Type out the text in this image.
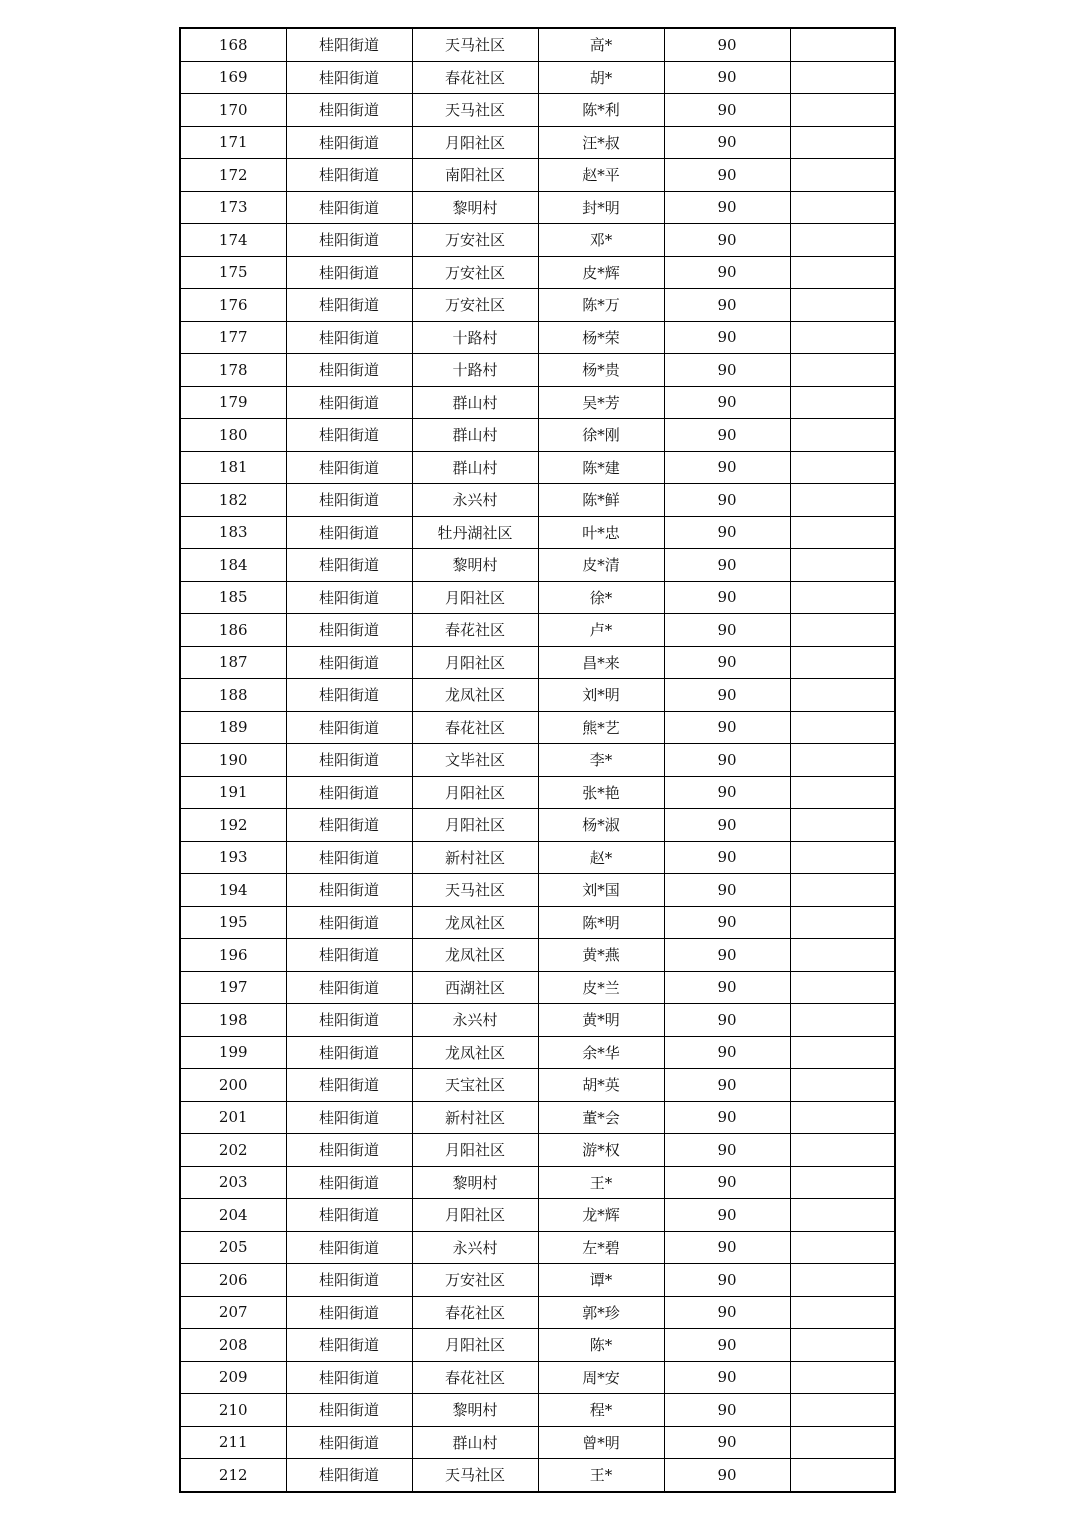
168	桂阳街道	天马社区	高*	90	
169	桂阳街道	春花社区	胡*	90	
170	桂阳街道	天马社区	陈*利	90	
171	桂阳街道	月阳社区	汪*叔	90	
172	桂阳街道	南阳社区	赵*平	90	
173	桂阳街道	黎明村	封*明	90	
174	桂阳街道	万安社区	邓*	90	
175	桂阳街道	万安社区	皮*辉	90	
176	桂阳街道	万安社区	陈*万	90	
177	桂阳街道	十路村	杨*荣	90	
178	桂阳街道	十路村	杨*贵	90	
179	桂阳街道	群山村	吴*芳	90	
180	桂阳街道	群山村	徐*刚	90	
181	桂阳街道	群山村	陈*建	90	
182	桂阳街道	永兴村	陈*鲜	90	
183	桂阳街道	牡丹湖社区	叶*忠	90	
184	桂阳街道	黎明村	皮*清	90	
185	桂阳街道	月阳社区	徐*	90	
186	桂阳街道	春花社区	卢*	90	
187	桂阳街道	月阳社区	昌*来	90	
188	桂阳街道	龙凤社区	刘*明	90	
189	桂阳街道	春花社区	熊*艺	90	
190	桂阳街道	文毕社区	李*	90	
191	桂阳街道	月阳社区	张*艳	90	
192	桂阳街道	月阳社区	杨*淑	90	
193	桂阳街道	新村社区	赵*	90	
194	桂阳街道	天马社区	刘*国	90	
195	桂阳街道	龙凤社区	陈*明	90	
196	桂阳街道	龙凤社区	黄*燕	90	
197	桂阳街道	西湖社区	皮*兰	90	
198	桂阳街道	永兴村	黄*明	90	
199	桂阳街道	龙凤社区	余*华	90	
200	桂阳街道	天宝社区	胡*英	90	
201	桂阳街道	新村社区	董*会	90	
202	桂阳街道	月阳社区	游*权	90	
203	桂阳街道	黎明村	王*	90	
204	桂阳街道	月阳社区	龙*辉	90	
205	桂阳街道	永兴村	左*碧	90	
206	桂阳街道	万安社区	谭*	90	
207	桂阳街道	春花社区	郭*珍	90	
208	桂阳街道	月阳社区	陈*	90	
209	桂阳街道	春花社区	周*安	90	
210	桂阳街道	黎明村	程*	90	
211	桂阳街道	群山村	曾*明	90	
212	桂阳街道	天马社区	王*	90	
